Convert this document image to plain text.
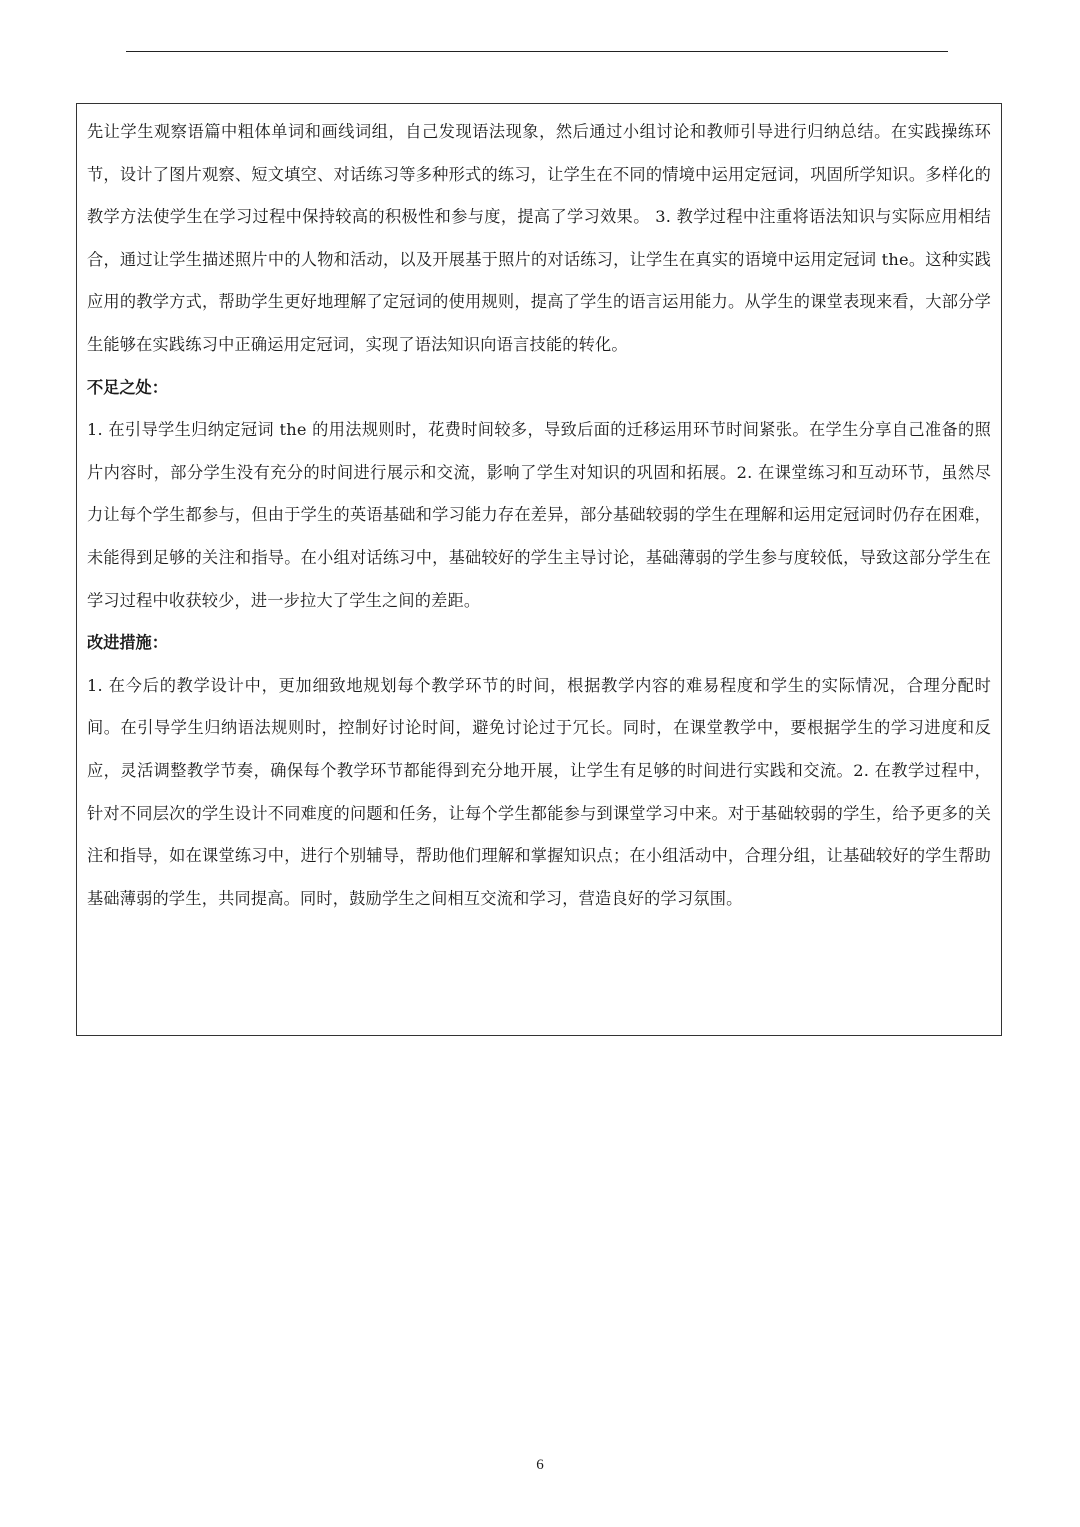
先让学生观察语篇中粗体单词和画线词组，自己发现语法现象，然后通过小组讨论和教师引导进行归纳总结。在实践操练环节，设计了图片观察、短文填空、对话练习等多种形式的练习，让学生在不同的情境中运用定冠词，巩固所学知识。多样化的教学方法使学生在学习过程中保持较高的积极性和参与度，提高了学习效果。 3. 教学过程中注重将语法知识与实际应用相结合，通过让学生描述照片中的人物和活动，以及开展基于照片的对话练习，让学生在真实的语境中运用定冠词 the。这种实践应用的教学方式，帮助学生更好地理解了定冠词的使用规则，提高了学生的语言运用能力。从学生的课堂表现来看，大部分学生能够在实践练习中正确运用定冠词，实现了语法知识向语言技能的转化。

不足之处：

1. 在引导学生归纳定冠词 the 的用法规则时，花费时间较多，导致后面的迁移运用环节时间紧张。在学生分享自己准备的照片内容时，部分学生没有充分的时间进行展示和交流，影响了学生对知识的巩固和拓展。2. 在课堂练习和互动环节，虽然尽力让每个学生都参与，但由于学生的英语基础和学习能力存在差异，部分基础较弱的学生在理解和运用定冠词时仍存在困难，未能得到足够的关注和指导。在小组对话练习中，基础较好的学生主导讨论，基础薄弱的学生参与度较低，导致这部分学生在学习过程中收获较少，进一步拉大了学生之间的差距。

改进措施：

1. 在今后的教学设计中，更加细致地规划每个教学环节的时间，根据教学内容的难易程度和学生的实际情况，合理分配时间。在引导学生归纳语法规则时，控制好讨论时间，避免讨论过于冗长。同时，在课堂教学中，要根据学生的学习进度和反应，灵活调整教学节奏，确保每个教学环节都能得到充分地开展，让学生有足够的时间进行实践和交流。2. 在教学过程中，针对不同层次的学生设计不同难度的问题和任务，让每个学生都能参与到课堂学习中来。对于基础较弱的学生，给予更多的关注和指导，如在课堂练习中，进行个别辅导，帮助他们理解和掌握知识点；在小组活动中，合理分组，让基础较好的学生帮助基础薄弱的学生，共同提高。同时，鼓励学生之间相互交流和学习，营造良好的学习氛围。

6
